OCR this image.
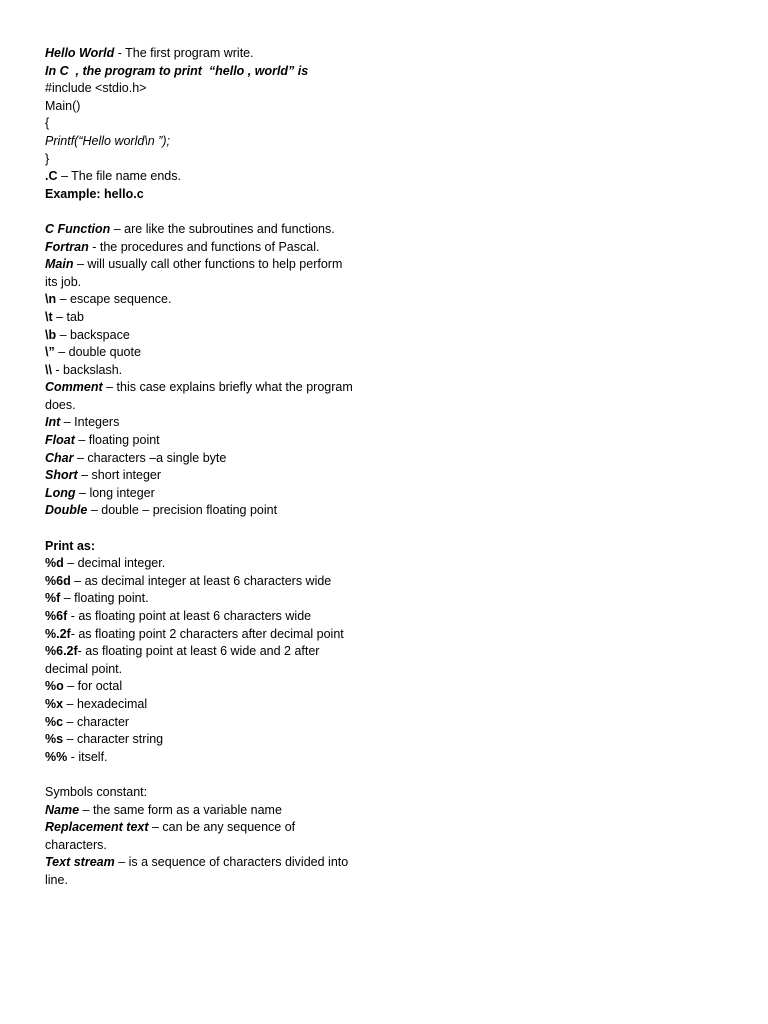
Hello World - The first program write.
In C  , the program to print  “hello , world” is
#include <stdio.h>
Main()
{
Printf(“Hello world\n ”);
}
.C – The file name ends.
Example: hello.c
C Function – are like the subroutines and functions.
Fortran - the procedures and functions of Pascal.
Main – will usually call other functions to help perform its job.
\n – escape sequence.
\t – tab
\b – backspace
\” – double quote
\\ - backslash.
Comment – this case explains briefly what the program does.
Int – Integers
Float – floating point
Char – characters –a single byte
Short – short integer
Long – long integer
Double – double – precision floating point
Print as:
%d – decimal integer.
%6d – as decimal integer at least 6 characters wide
%f – floating point.
%6f - as floating point at least 6 characters wide
%.2f- as floating point 2 characters after decimal point
%6.2f- as floating point at least 6 wide and 2 after decimal point.
%o – for octal
%x – hexadecimal
%c – character
%s – character string
%% - itself.
Symbols constant:
Name – the same form as a variable name
Replacement text – can be any sequence of characters.
Text stream – is a sequence of characters divided into line.
